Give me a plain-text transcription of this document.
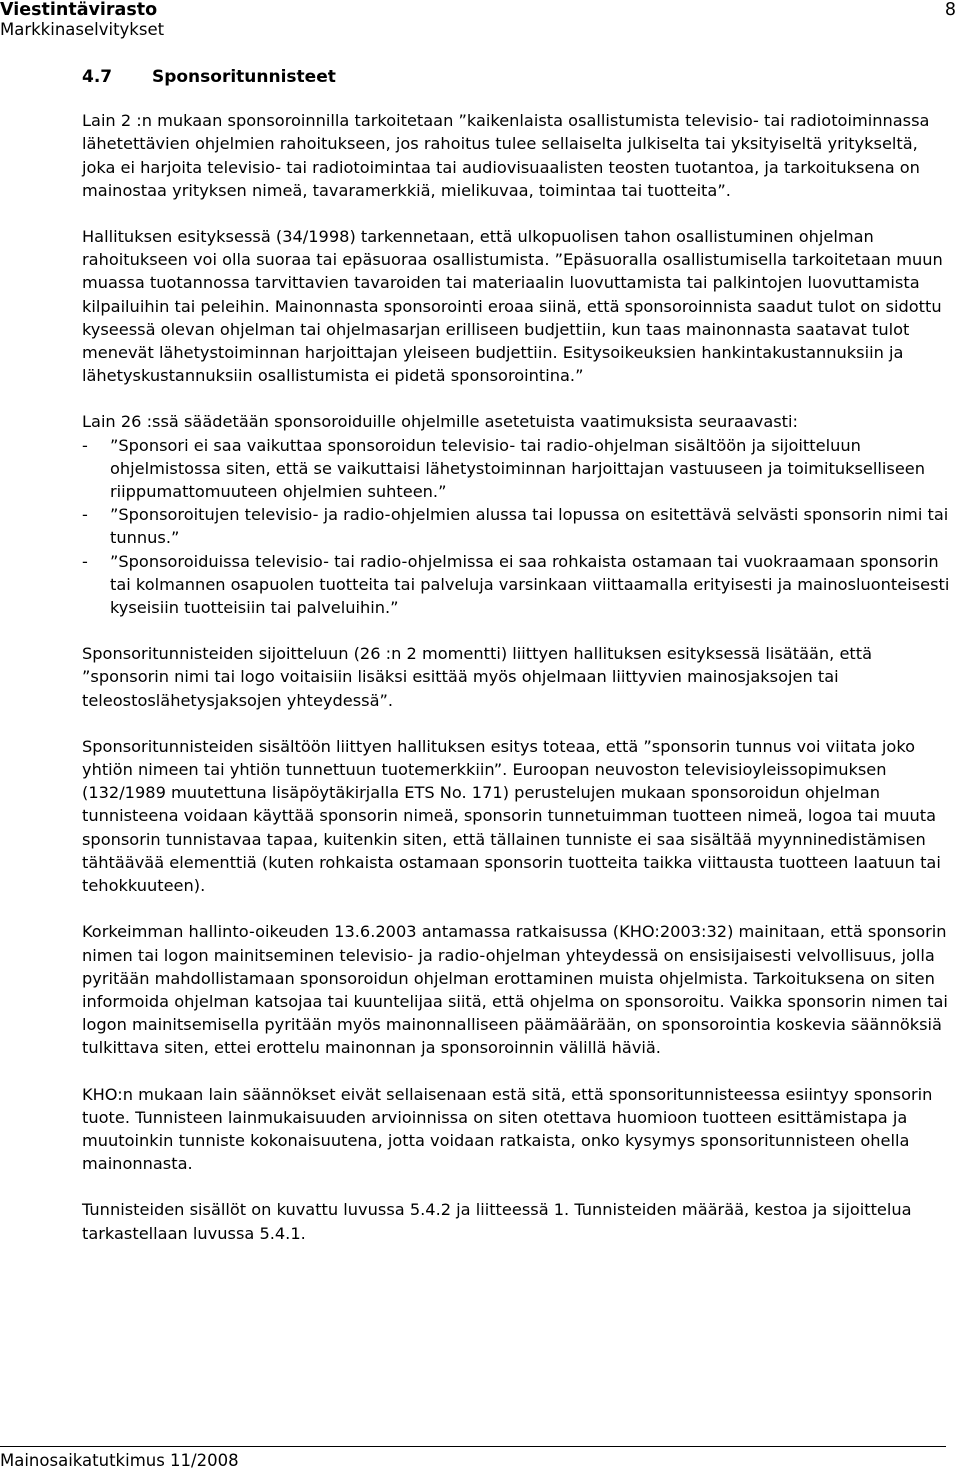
Viestintävirasto
Markkinaselvitykset
8
4.7 Sponsoritunnisteet

Lain 2 :n mukaan sponsoroinnilla tarkoitetaan ”kaikenlaista osallistumista televisio- tai radiotoiminnassa lähetettävien ohjelmien rahoitukseen, jos rahoitus tulee sellaiselta julkiselta tai yksityiseltä yritykseltä, joka ei harjoita televisio- tai radiotoimintaa tai audiovisuaalisten teosten tuotantoa, ja tarkoituksena on mainostaa yrityksen nimeä, tavaramerkkiä, mielikuvaa, toimintaa tai tuotteita”.

Hallituksen esityksessä (34/1998) tarkennetaan, että ulkopuolisen tahon osallistuminen ohjelman rahoitukseen voi olla suoraa tai epäsuoraa osallistumista. ”Epäsuoralla osallistumisella tarkoitetaan muun muassa tuotannossa tarvittavien tavaroiden tai materiaalin luovuttamista tai palkintojen luovuttamista kilpailuihin tai peleihin. Mainonnasta sponsorointi eroaa siinä, että sponsoroinnista saadut tulot on sidottu kyseessä olevan ohjelman tai ohjelmasarjan erilliseen budjettiin, kun taas mainonnasta saatavat tulot menevät lähetystoiminnan harjoittajan yleiseen budjettiin. Esitysoikeuksien hankintakustannuksiin ja lähetyskustannuksiin osallistumista ei pidetä sponsorointina.”

Lain 26 :ssä säädetään sponsoroiduille ohjelmille asetetuista vaatimuksista seuraavasti:
- ”Sponsori ei saa vaikuttaa sponsoroidun televisio- tai radio-ohjelman sisältöön ja sijoitteluun ohjelmistossa siten, että se vaikuttaisi lähetystoiminnan harjoittajan vastuuseen ja toimitukselliseen riippumattomuuteen ohjelmien suhteen.”
- ”Sponsoroitujen televisio- ja radio-ohjelmien alussa tai lopussa on esitettävä selvästi sponsorin nimi tai tunnus.”
- ”Sponsoroiduissa televisio- tai radio-ohjelmissa ei saa rohkaista ostamaan tai vuokraamaan sponsorin tai kolmannen osapuolen tuotteita tai palveluja varsinkaan viittaamalla erityisesti ja mainosluonteisesti kyseisiin tuotteisiin tai palveluihin.”

Sponsoritunnisteiden sijoitteluun (26 :n 2 momentti) liittyen hallituksen esityksessä lisätään, että ”sponsorin nimi tai logo voitaisiin lisäksi esittää myös ohjelmaan liittyvien mainosjaksojen tai teleostoslähetysjaksojen yhteydessä”.

Sponsoritunnisteiden sisältöön liittyen hallituksen esitys toteaa, että ”sponsorin tunnus voi viitata joko yhtiön nimeen tai yhtiön tunnettuun tuotemerkkiin”. Euroopan neuvoston televisioyleissopimuksen (132/1989 muutettuna lisäpöytäkirjalla ETS No. 171) perustelujen mukaan sponsoroidun ohjelman tunnisteena voidaan käyttää sponsorin nimeä, sponsorin tunnetuimman tuotteen nimeä, logoa tai muuta sponsorin tunnistavaa tapaa, kuitenkin siten, että tällainen tunniste ei saa sisältää myynninedistämisen tähtäävää elementtiä (kuten rohkaista ostamaan sponsorin tuotteita taikka viittausta tuotteen laatuun tai tehokkuuteen).

Korkeimman hallinto-oikeuden 13.6.2003 antamassa ratkaisussa (KHO:2003:32) mainitaan, että sponsorin nimen tai logon mainitseminen televisio- ja radio-ohjelman yhteydessä on ensisijaisesti velvollisuus, jolla pyritään mahdollistamaan sponsoroidun ohjelman erottaminen muista ohjelmista. Tarkoituksena on siten informoida ohjelman katsojaa tai kuuntelijaa siitä, että ohjelma on sponsoroitu. Vaikka sponsorin nimen tai logon mainitsemisella pyritään myös mainonnalliseen päämäärään, on sponsorointia koskevia säännöksiä tulkittava siten, ettei erottelu mainonnan ja sponsoroinnin välillä häviä.

KHO:n mukaan lain säännökset eivät sellaisenaan estä sitä, että sponsoritunnisteessa esiintyy sponsorin tuote. Tunnisteen lainmukaisuuden arvioinnissa on siten otettava huomioon tuotteen esittämistapa ja muutoinkin tunniste kokonaisuutena, jotta voidaan ratkaista, onko kysymys sponsoritunnisteen ohella mainonnasta.

Tunnisteiden sisällöt on kuvattu luvussa 5.4.2 ja liitteessä 1. Tunnisteiden määrää, kestoa ja sijoittelua tarkastellaan luvussa 5.4.1.

Mainosaikatutkimus 11/2008
